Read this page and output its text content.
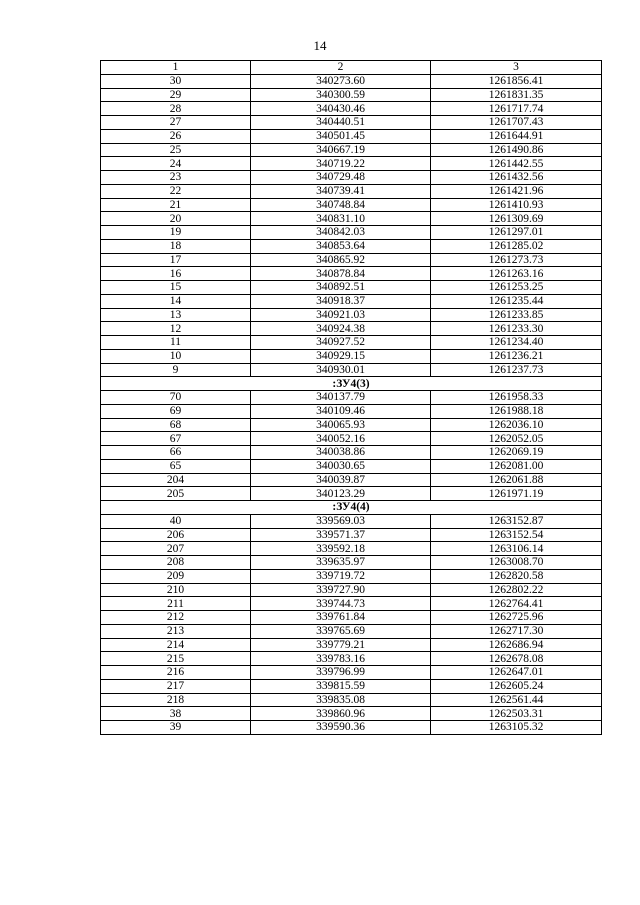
14
1	2	3
30	340273.60	1261856.41
29	340300.59	1261831.35
28	340430.46	1261717.74
27	340440.51	1261707.43
26	340501.45	1261644.91
25	340667.19	1261490.86
24	340719.22	1261442.55
23	340729.48	1261432.56
22	340739.41	1261421.96
21	340748.84	1261410.93
20	340831.10	1261309.69
19	340842.03	1261297.01
18	340853.64	1261285.02
17	340865.92	1261273.73
16	340878.84	1261263.16
15	340892.51	1261253.25
14	340918.37	1261235.44
13	340921.03	1261233.85
12	340924.38	1261233.30
11	340927.52	1261234.40
10	340929.15	1261236.21
9	340930.01	1261237.73
:ЗУ4(3)		
70	340137.79	1261958.33
69	340109.46	1261988.18
68	340065.93	1262036.10
67	340052.16	1262052.05
66	340038.86	1262069.19
65	340030.65	1262081.00
204	340039.87	1262061.88
205	340123.29	1261971.19
:ЗУ4(4)		
40	339569.03	1263152.87
206	339571.37	1263152.54
207	339592.18	1263106.14
208	339635.97	1263008.70
209	339719.72	1262820.58
210	339727.90	1262802.22
211	339744.73	1262764.41
212	339761.84	1262725.96
213	339765.69	1262717.30
214	339779.21	1262686.94
215	339783.16	1262678.08
216	339796.99	1262647.01
217	339815.59	1262605.24
218	339835.08	1262561.44
38	339860.96	1262503.31
39	339590.36	1263105.32
